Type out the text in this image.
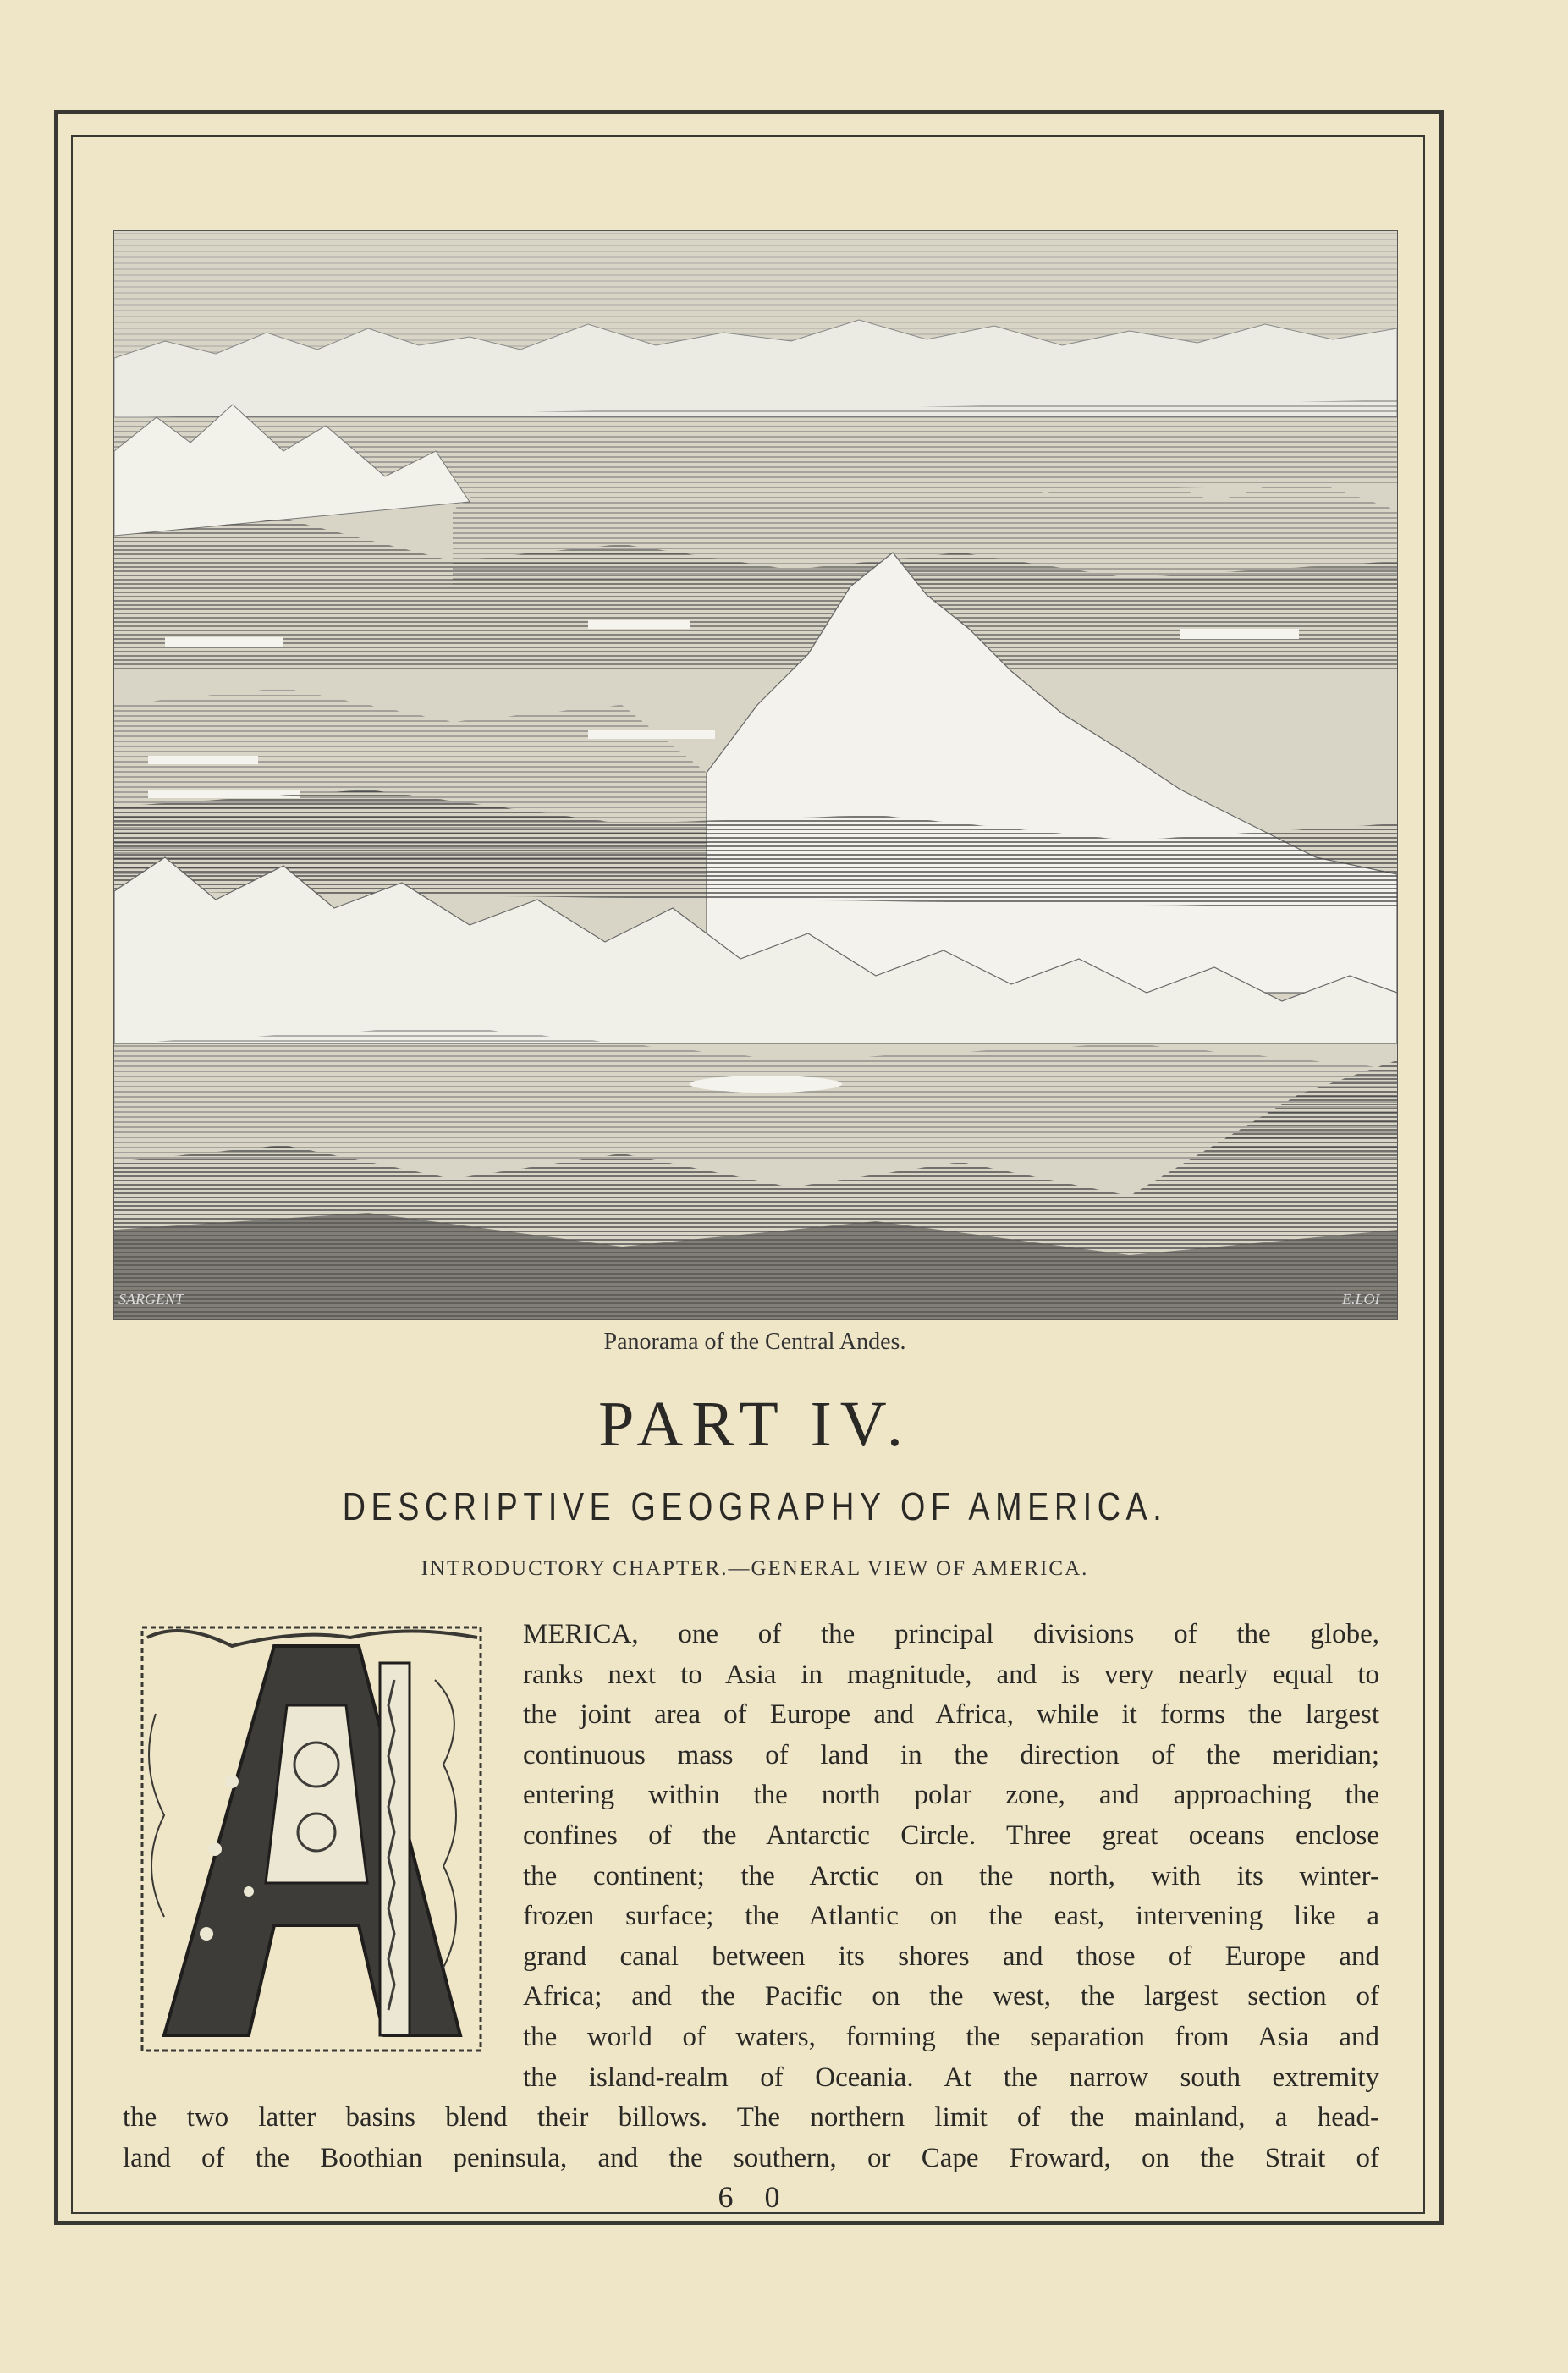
SARGENT	E.LOI
Panorama of the Central Andes.
PART IV.
DESCRIPTIVE GEOGRAPHY OF AMERICA.
INTRODUCTORY CHAPTER.—GENERAL VIEW OF AMERICA.
A
MERICA, one of the principal divisions of the globe,
ranks next to Asia in magnitude, and is very nearly equal to
the joint area of Europe and Africa, while it forms the largest
continuous mass of land in the direction of the meridian;
entering within the north polar zone, and approaching the
confines of the Antarctic Circle. Three great oceans enclose
the continent; the Arctic on the north, with its winter-
frozen surface; the Atlantic on the east, intervening like a
grand canal between its shores and those of Europe and
Africa; and the Pacific on the west, the largest section of
the world of waters, forming the separation from Asia and
the island-realm of Oceania. At the narrow south extremity
the two latter basins blend their billows. The northern limit of the mainland, a head-
land of the Boothian peninsula, and the southern, or Cape Froward, on the Strait of
6 0
